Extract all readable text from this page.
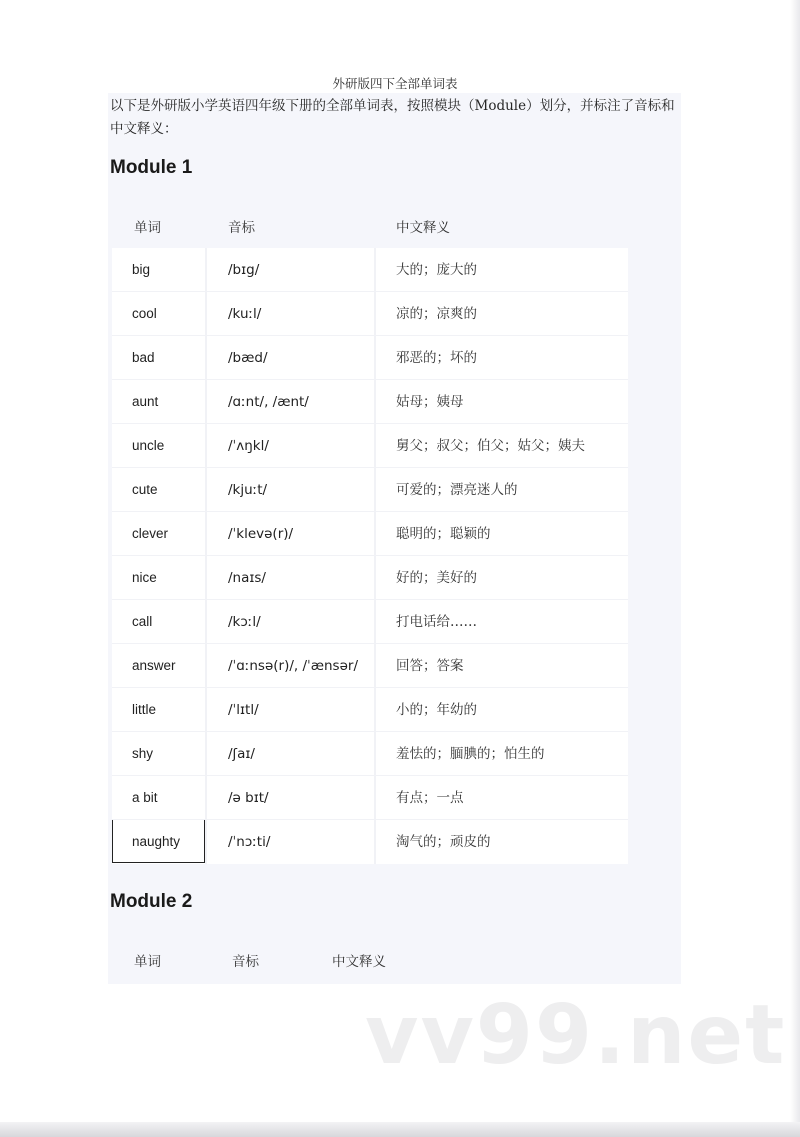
外研版四下全部单词表
以下是外研版小学英语四年级下册的全部单词表，按照模块（Module）划分，并标注了音标和中文释义：
Module 1
单词	音标	中文释义
big	/bɪg/	大的；庞大的
cool	/kuːl/	凉的；凉爽的
bad	/bæd/	邪恶的；坏的
aunt	/ɑːnt/, /ænt/	姑母；姨母
uncle	/ˈʌŋkl/	舅父；叔父；伯父；姑父；姨夫
cute	/kjuːt/	可爱的；漂亮迷人的
clever	/ˈklevə(r)/	聪明的；聪颖的
nice	/naɪs/	好的；美好的
call	/kɔːl/	打电话给……
answer	/ˈɑːnsə(r)/, /ˈænsər/	回答；答案
little	/ˈlɪtl/	小的；年幼的
shy	/ʃaɪ/	羞怯的；腼腆的；怕生的
a bit	/ə bɪt/	有点；一点
naughty	/ˈnɔːti/	淘气的；顽皮的
Module 2
单词	音标	中文释义
vv99.net
